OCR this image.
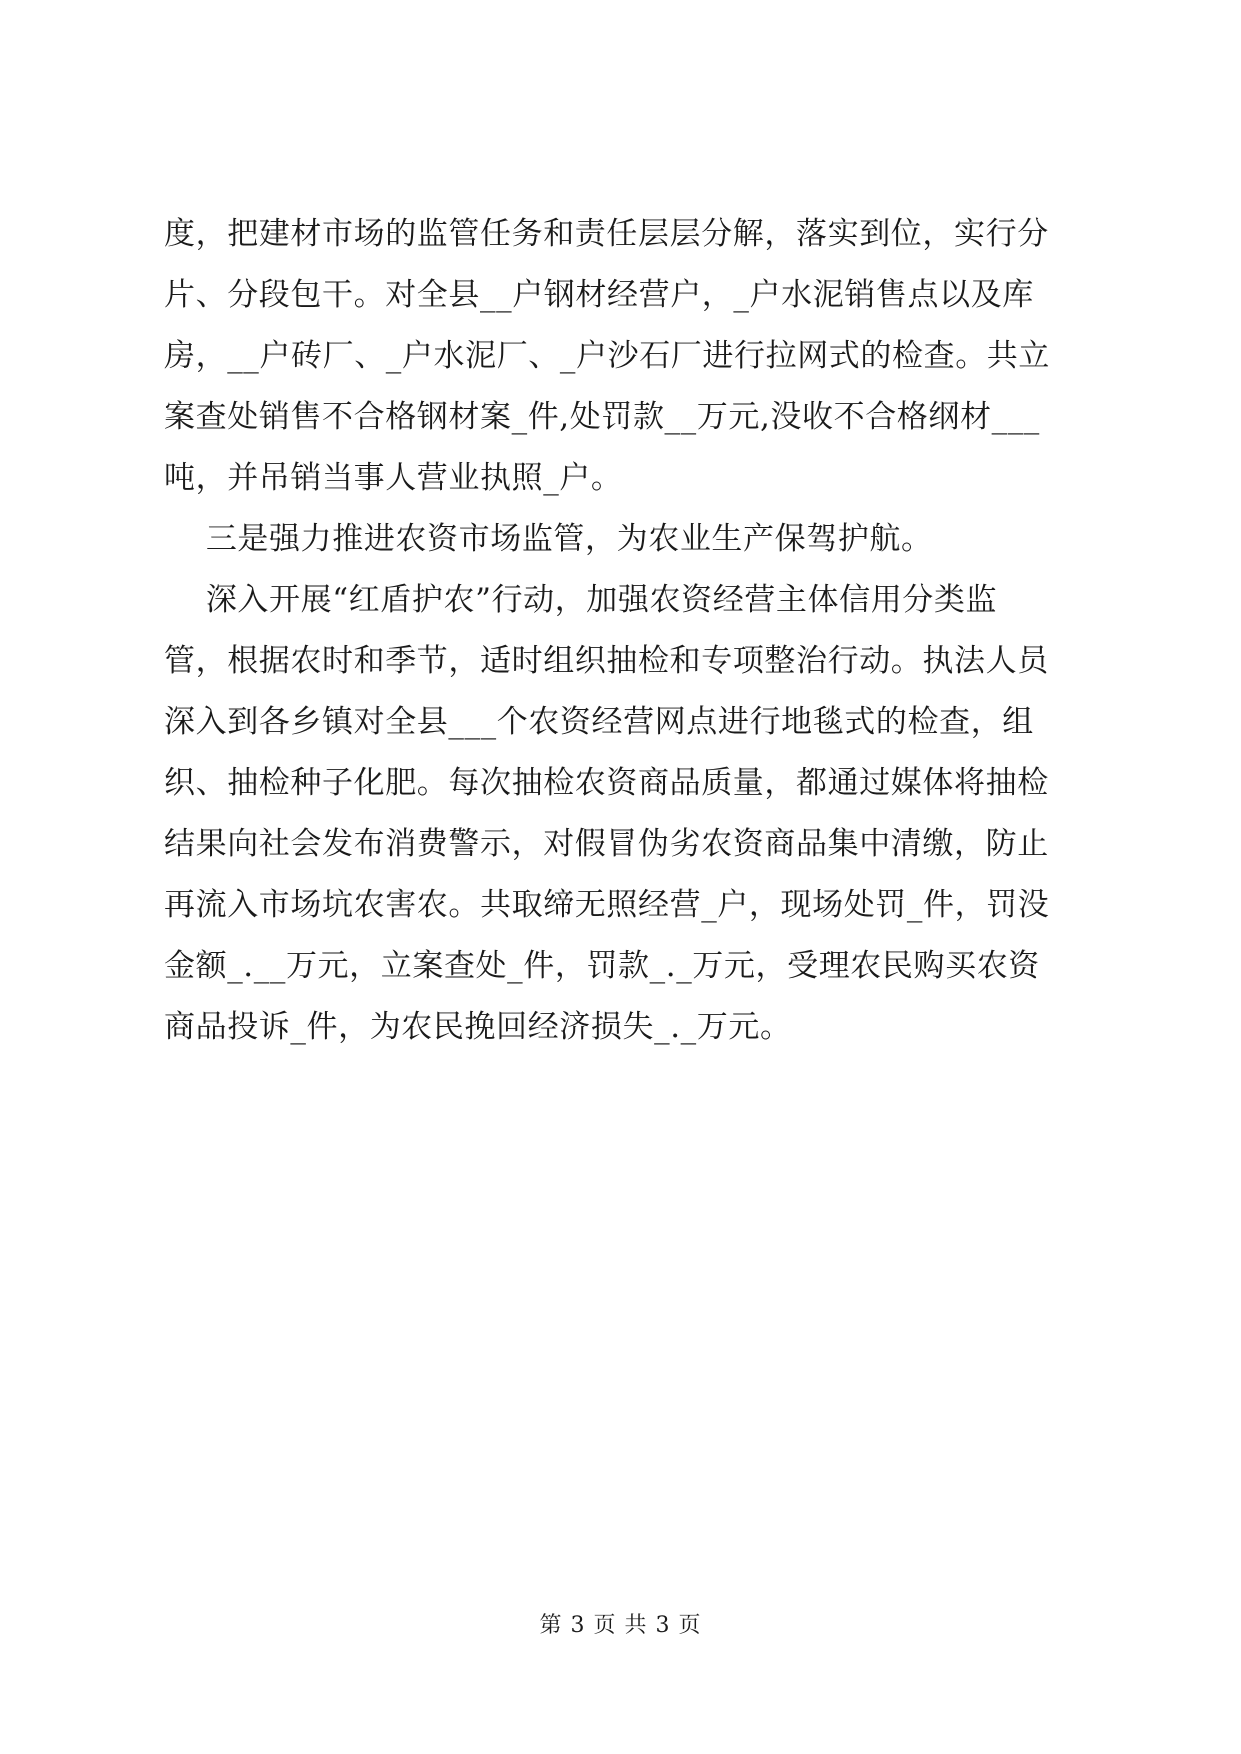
度，把建材市场的监管任务和责任层层分解，落实到位，实行分
片、分段包干。对全县__户钢材经营户，_户水泥销售点以及库
房，__户砖厂、_户水泥厂、_户沙石厂进行拉网式的检查。共立
案查处销售不合格钢材案_件,处罚款__万元,没收不合格纲材___
吨，并吊销当事人营业执照_户。
三是强力推进农资市场监管，为农业生产保驾护航。
深入开展“红盾护农”行动，加强农资经营主体信用分类监
管，根据农时和季节，适时组织抽检和专项整治行动。执法人员
深入到各乡镇对全县___个农资经营网点进行地毯式的检查，组
织、抽检种子化肥。每次抽检农资商品质量，都通过媒体将抽检
结果向社会发布消费警示，对假冒伪劣农资商品集中清缴，防止
再流入市场坑农害农。共取缔无照经营_户，现场处罚_件，罚没
金额_.__万元，立案查处_件，罚款_._万元，受理农民购买农资
商品投诉_件，为农民挽回经济损失_._万元。
第 3 页 共 3 页
